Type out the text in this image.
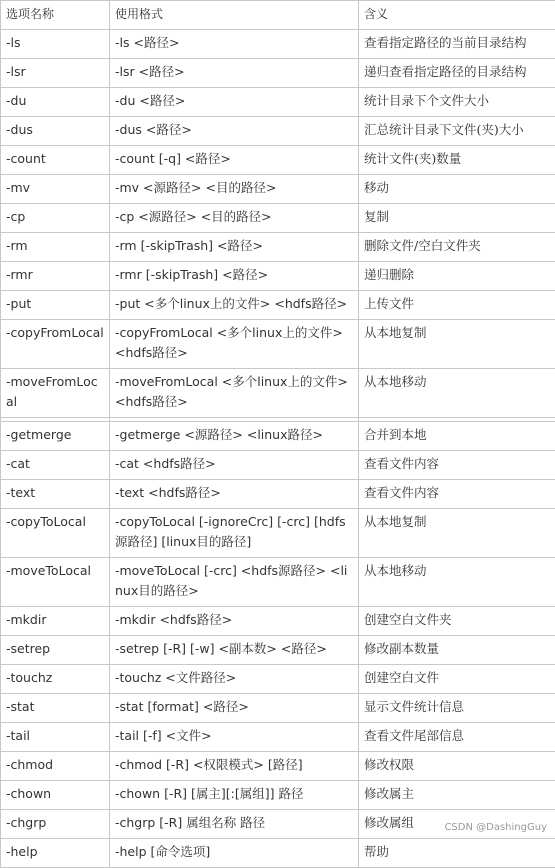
选项名称	使用格式	含义
-ls	-ls <路径>	查看指定路径的当前目录结构
-lsr	-lsr <路径>	递归查看指定路径的目录结构
-du	-du <路径>	统计目录下个文件大小
-dus	-dus <路径>	汇总统计目录下文件(夹)大小
-count	-count [-q] <路径>	统计文件(夹)数量
-mv	-mv <源路径> <目的路径>	移动
-cp	-cp <源路径> <目的路径>	复制
-rm	-rm [-skipTrash] <路径>	删除文件/空白文件夹
-rmr	-rmr [-skipTrash] <路径>	递归删除
-put	-put <多个linux上的文件> <hdfs路径>	上传文件
-copyFromLocal	-copyFromLocal <多个linux上的文件> <hdfs路径>	从本地复制
-moveFromLocal	-moveFromLocal <多个linux上的文件> <hdfs路径>	从本地移动

-getmerge	-getmerge <源路径> <linux路径>	合并到本地
-cat	-cat <hdfs路径>	查看文件内容
-text	-text <hdfs路径>	查看文件内容
-copyToLocal	-copyToLocal [-ignoreCrc] [-crc] [hdfs源路径] [linux目的路径]	从本地复制
-moveToLocal	-moveToLocal [-crc] <hdfs源路径> <linux目的路径>	从本地移动
-mkdir	-mkdir <hdfs路径>	创建空白文件夹
-setrep	-setrep [-R] [-w] <副本数> <路径>	修改副本数量
-touchz	-touchz <文件路径>	创建空白文件
-stat	-stat [format] <路径>	显示文件统计信息
-tail	-tail [-f] <文件>	查看文件尾部信息
-chmod	-chmod [-R] <权限模式> [路径]	修改权限
-chown	-chown [-R] [属主][:[属组]] 路径	修改属主
-chgrp	-chgrp [-R] 属组名称 路径	修改属组
-help	-help [命令选项]	帮助
CSDN @DashingGuy
